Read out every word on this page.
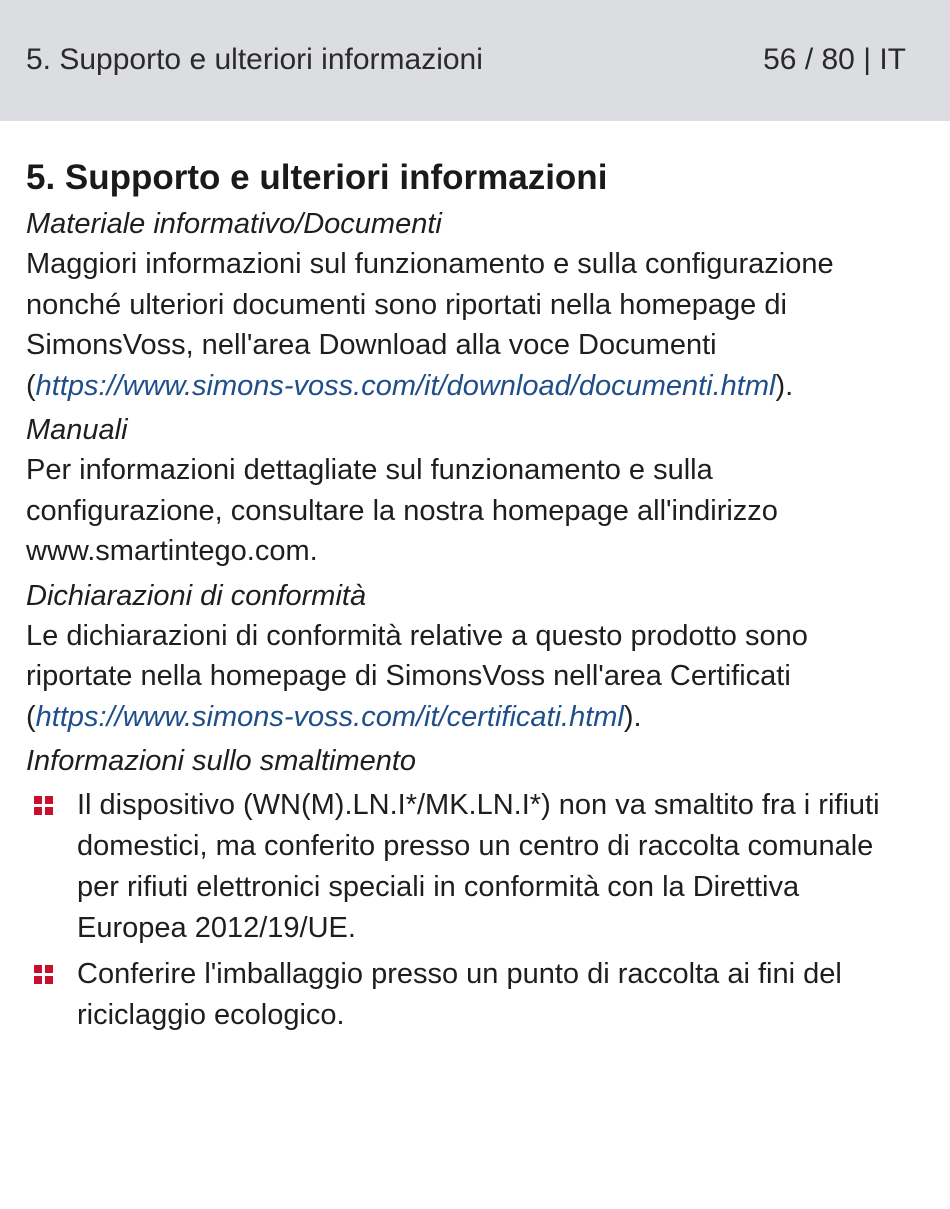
5. Supporto e ulteriori informazioni	56 / 80 | IT
5. Supporto e ulteriori informazioni
Materiale informativo/Documenti

Maggiori informazioni sul funzionamento e sulla configurazione nonché ulteriori documenti sono riportati nella homepage di SimonsVoss, nell'area Download alla voce Documenti (https://www.simons-voss.com/it/download/documenti.html).

Manuali

Per informazioni dettagliate sul funzionamento e sulla configurazione, consultare la nostra homepage all'indirizzo www.smartintego.com.

Dichiarazioni di conformità

Le dichiarazioni di conformità relative a questo prodotto sono riportate nella homepage di SimonsVoss nell'area Certificati (https://www.simons-voss.com/it/certificati.html).

Informazioni sullo smaltimento
Il dispositivo (WN(M).LN.I*/MK.LN.I*) non va smaltito fra i rifiuti domestici, ma conferito presso un centro di raccolta comunale per rifiuti elettronici speciali in conformità con la Direttiva Europea 2012/19/UE.
Conferire l'imballaggio presso un punto di raccolta ai fini del riciclaggio ecologico.
